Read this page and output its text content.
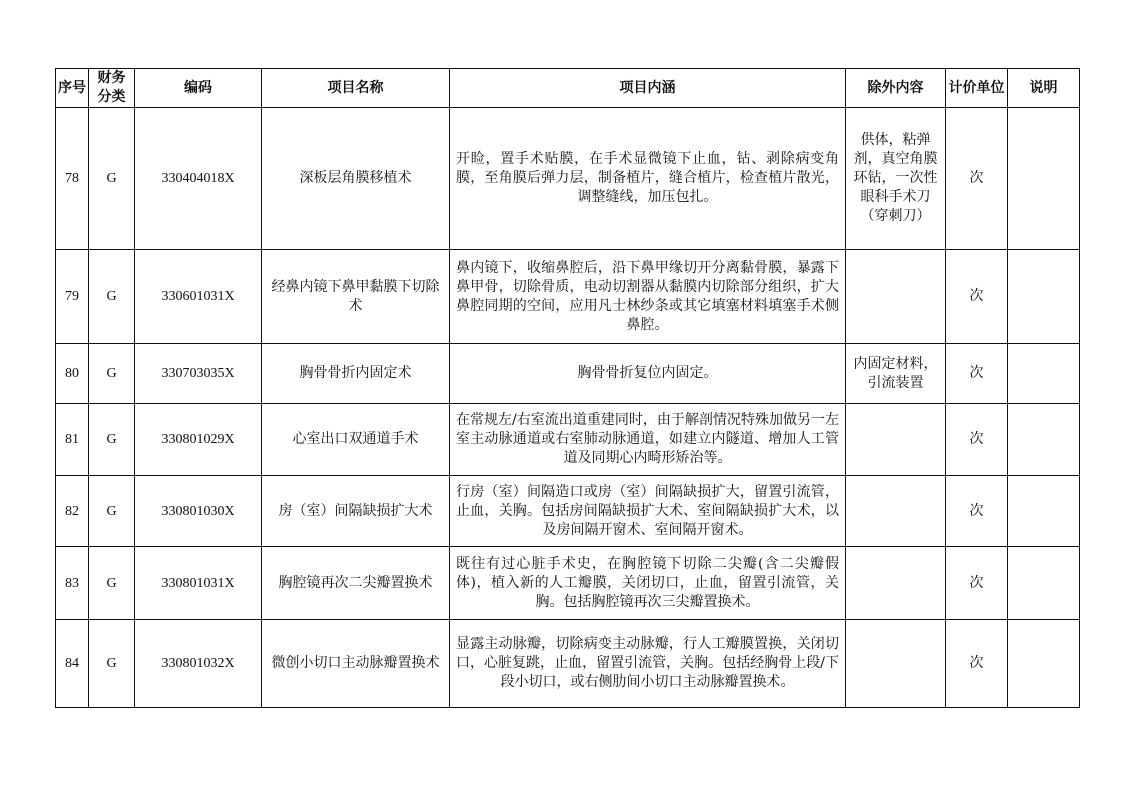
序号	财务分类	编码	项目名称	项目内涵	除外内容	计价单位	说明
78	G	330404018X	深板层角膜移植术	开睑，置手术贴膜，在手术显微镜下止血，钻、剥除病变角膜，至角膜后弹力层，制备植片，缝合植片，检查植片散光，调整缝线，加压包扎。	供体，粘弹剂，真空角膜环钻，一次性眼科手术刀（穿刺刀）	次	
79	G	330601031X	经鼻内镜下鼻甲黏膜下切除术	鼻内镜下，收缩鼻腔后，沿下鼻甲缘切开分离黏骨膜，暴露下鼻甲骨，切除骨质，电动切割器从黏膜内切除部分组织，扩大鼻腔同期的空间，应用凡士林纱条或其它填塞材料填塞手术侧鼻腔。		次	
80	G	330703035X	胸骨骨折内固定术	胸骨骨折复位内固定。	内固定材料，引流装置	次	
81	G	330801029X	心室出口双通道手术	在常规左/右室流出道重建同时，由于解剖情况特殊加做另一左室主动脉通道或右室肺动脉通道，如建立内隧道、增加人工管道及同期心内畸形矫治等。		次	
82	G	330801030X	房（室）间隔缺损扩大术	行房（室）间隔造口或房（室）间隔缺损扩大，留置引流管，止血，关胸。包括房间隔缺损扩大术、室间隔缺损扩大术，以及房间隔开窗术、室间隔开窗术。		次	
83	G	330801031X	胸腔镜再次二尖瓣置换术	既往有过心脏手术史，在胸腔镜下切除二尖瓣(含二尖瓣假体)，植入新的人工瓣膜，关闭切口，止血，留置引流管，关胸。包括胸腔镜再次三尖瓣置换术。		次	
84	G	330801032X	微创小切口主动脉瓣置换术	显露主动脉瓣，切除病变主动脉瓣，行人工瓣膜置换，关闭切口，心脏复跳，止血，留置引流管，关胸。包括经胸骨上段/下段小切口，或右侧肋间小切口主动脉瓣置换术。		次	
